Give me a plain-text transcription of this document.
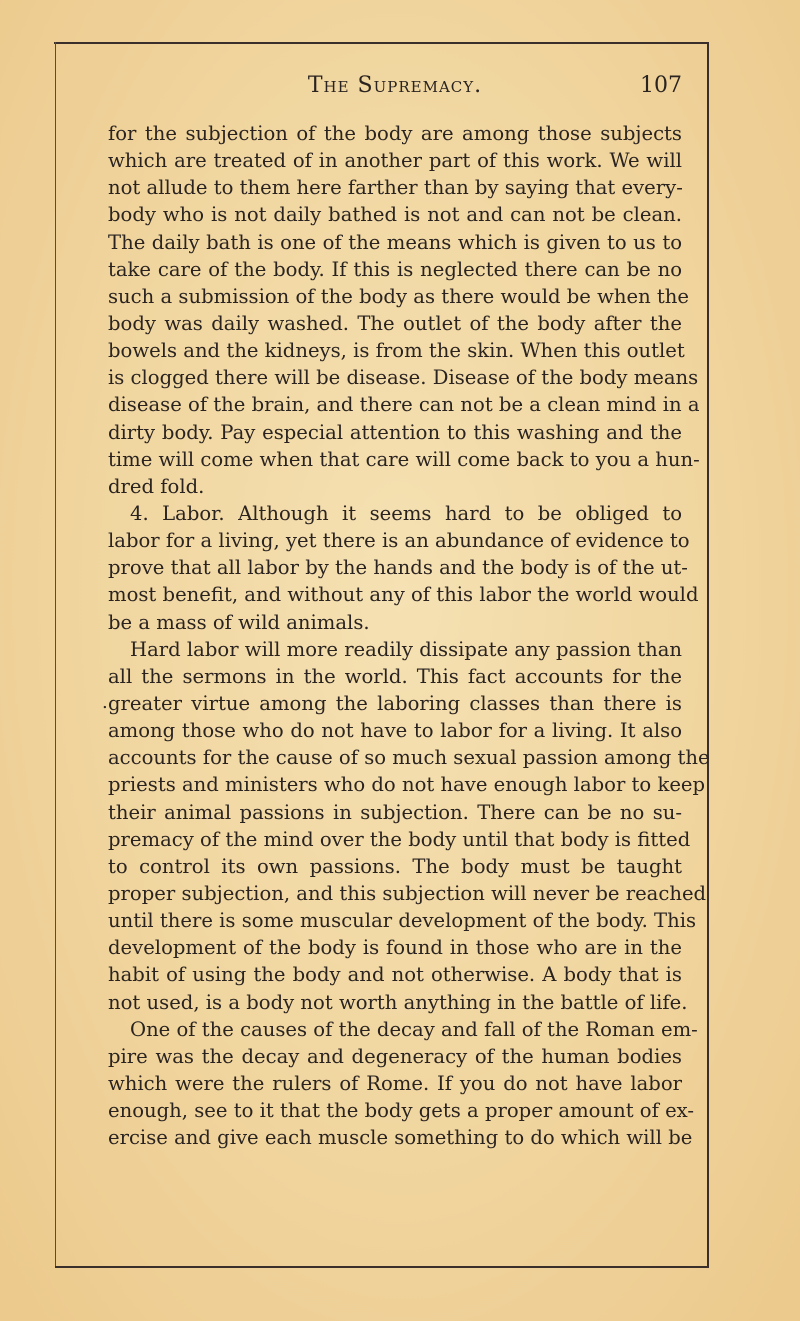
The Supremacy.	107
.
for the subjection of the body are among those subjects
which are treated of in another part of this work. We will
not allude to them here farther than by saying that every-
body who is not daily bathed is not and can not be clean.
The daily bath is one of the means which is given to us to
take care of the body. If this is neglected there can be no
such a submission of the body as there would be when the
body was daily washed. The outlet of the body after the
bowels and the kidneys, is from the skin. When this outlet
is clogged there will be disease. Disease of the body means
disease of the brain, and there can not be a clean mind in a
dirty body. Pay especial attention to this washing and the
time will come when that care will come back to you a hun-
dred fold.
4. Labor. Although it seems hard to be obliged to
labor for a living, yet there is an abundance of evidence to
prove that all labor by the hands and the body is of the ut-
most benefit, and without any of this labor the world would
be a mass of wild animals.
Hard labor will more readily dissipate any passion than
all the sermons in the world. This fact accounts for the
greater virtue among the laboring classes than there is
among those who do not have to labor for a living. It also
accounts for the cause of so much sexual passion among the
priests and ministers who do not have enough labor to keep
their animal passions in subjection. There can be no su-
premacy of the mind over the body until that body is fitted
to control its own passions. The body must be taught
proper subjection, and this subjection will never be reached
until there is some muscular development of the body. This
development of the body is found in those who are in the
habit of using the body and not otherwise. A body that is
not used, is a body not worth anything in the battle of life.
One of the causes of the decay and fall of the Roman em-
pire was the decay and degeneracy of the human bodies
which were the rulers of Rome. If you do not have labor
enough, see to it that the body gets a proper amount of ex-
ercise and give each muscle something to do which will be
